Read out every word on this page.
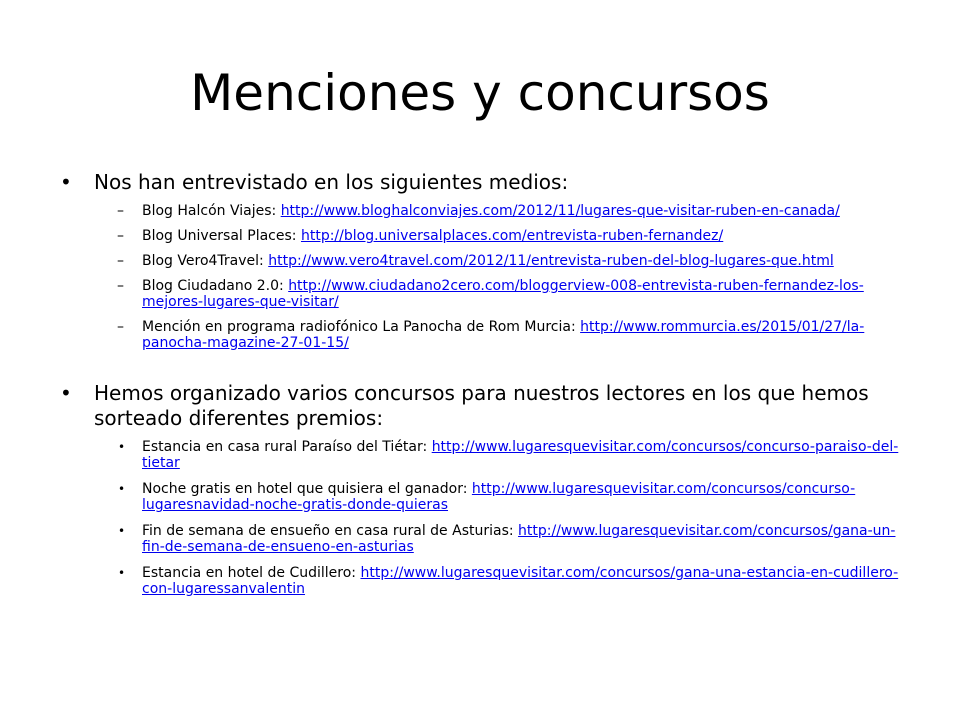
Menciones y concursos
• Nos han entrevistado en los siguientes medios:
– Blog Halcón Viajes: http://www.bloghalconviajes.com/2012/11/lugares-que-visitar-ruben-en-canada/
– Blog Universal Places: http://blog.universalplaces.com/entrevista-ruben-fernandez/
– Blog Vero4Travel: http://www.vero4travel.com/2012/11/entrevista-ruben-del-blog-lugares-que.html
– Blog Ciudadano 2.0: http://www.ciudadano2cero.com/bloggerview-008-entrevista-ruben-fernandez-los-mejores-lugares-que-visitar/
– Mención en programa radiofónico La Panocha de Rom Murcia: http://www.rommurcia.es/2015/01/27/la-panocha-magazine-27-01-15/
• Hemos organizado varios concursos para nuestros lectores en los que hemos sorteado diferentes premios:
• Estancia en casa rural Paraíso del Tiétar: http://www.lugaresquevisitar.com/concursos/concurso-paraiso-del-tietar
• Noche gratis en hotel que quisiera el ganador: http://www.lugaresquevisitar.com/concursos/concurso-lugaresnavidad-noche-gratis-donde-quieras
• Fin de semana de ensueño en casa rural de Asturias: http://www.lugaresquevisitar.com/concursos/gana-un-fin-de-semana-de-ensueno-en-asturias
• Estancia en hotel de Cudillero: http://www.lugaresquevisitar.com/concursos/gana-una-estancia-en-cudillero-con-lugaressanvalentin
